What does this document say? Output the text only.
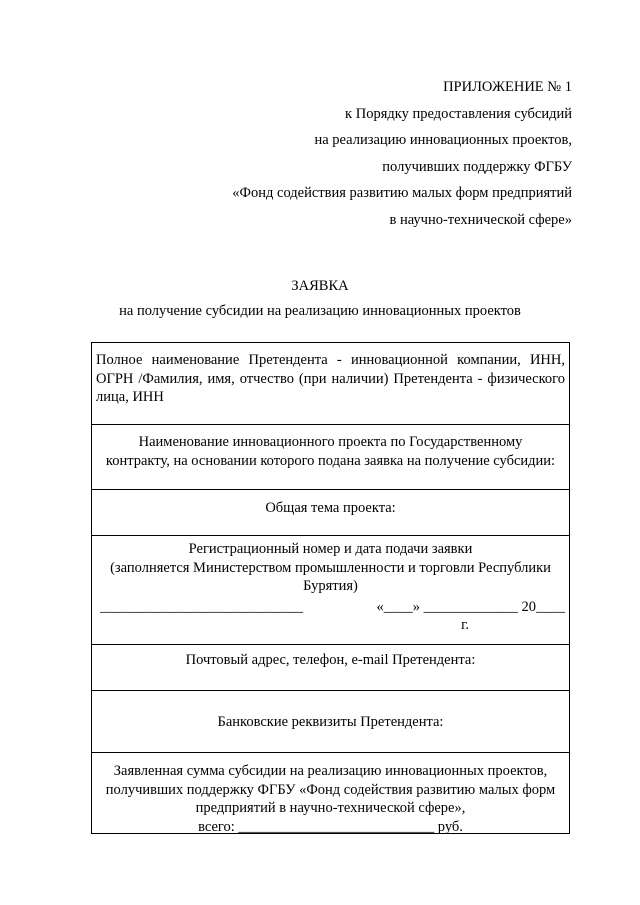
ПРИЛОЖЕНИЕ № 1
к Порядку предоставления субсидий
на реализацию инновационных проектов,
получивших поддержку ФГБУ
«Фонд содействия развитию малых форм предприятий
в научно-технической сфере»
ЗАЯВКА
на получение субсидии на реализацию инновационных проектов
Полное наименование Претендента - инновационной компании, ИНН, ОГРН /Фамилия, имя, отчество (при наличии) Претендента - физического лица, ИНН
Наименование инновационного проекта по Государственному
контракту, на основании которого подана заявка на получение субсидии:
Общая тема проекта:
Регистрационный номер и дата подачи заявки
(заполняется Министерством промышленности и торговли Республики Бурятия)
____________________________	«____» _____________ 20____
г.
Почтовый адрес, телефон, e-mail Претендента:
Банковские реквизиты Претендента:
Заявленная сумма субсидии на реализацию инновационных проектов,
получивших поддержку ФГБУ «Фонд содействия развитию малых форм
предприятий в научно-технической сфере»,
всего: ___________________________ руб.
